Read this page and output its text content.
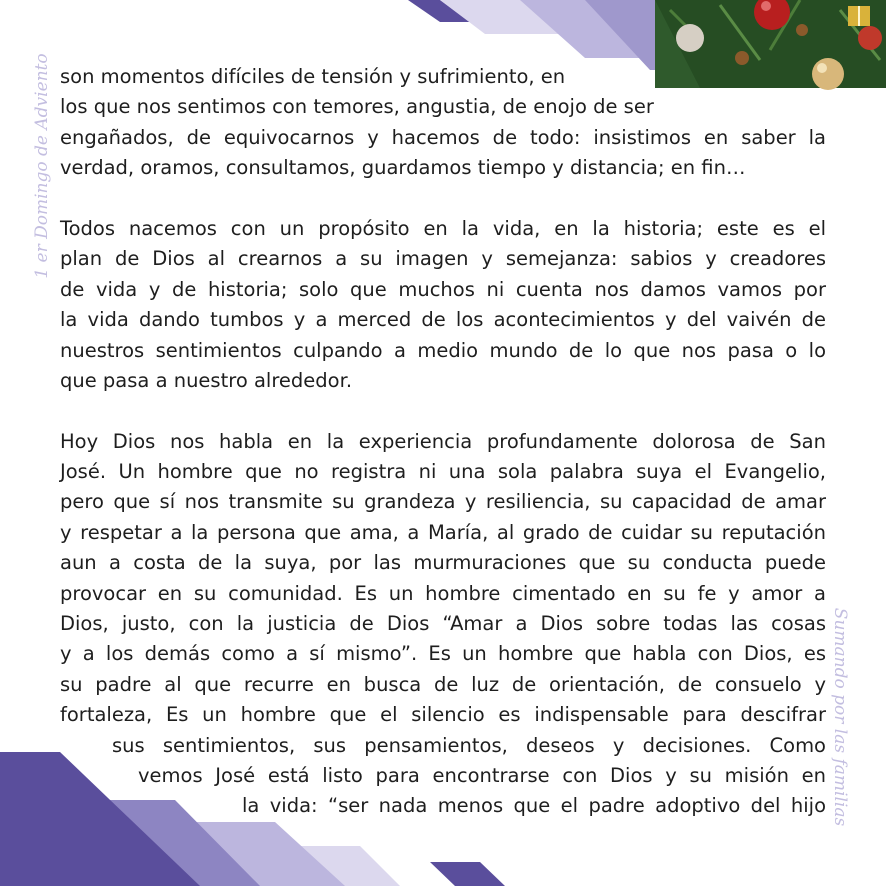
1 er Domingo de Adviento
Sumando por las familias
son momentos difíciles de tensión y sufrimiento, en
los que nos sentimos con temores, angustia, de enojo de ser
engañados, de equivocarnos y hacemos de todo: insistimos en saber la
verdad, oramos, consultamos, guardamos tiempo y distancia; en fin…
Todos nacemos con un propósito en la vida, en la historia; este es el
plan de Dios al crearnos a su imagen y semejanza: sabios y creadores
de vida y de historia; solo que muchos ni cuenta nos damos vamos por
la vida dando tumbos y a merced de los acontecimientos y del vaivén de
nuestros sentimientos culpando a medio mundo de lo que nos pasa o lo
que pasa a nuestro alrededor.
Hoy Dios nos habla en la experiencia profundamente dolorosa de San
José. Un hombre que no registra ni una sola palabra suya el Evangelio,
pero que sí nos transmite su grandeza y resiliencia, su capacidad de amar
y respetar a la persona que ama, a María, al grado de cuidar su reputación
aun a costa de la suya, por las murmuraciones que su conducta puede
provocar en su comunidad. Es un hombre cimentado en su fe y amor a
Dios, justo, con la justicia de Dios “Amar a Dios sobre todas las cosas
y a los demás como a sí mismo”. Es un hombre que habla con Dios, es
su padre al que recurre en busca de luz de orientación, de consuelo y
fortaleza, Es un hombre que el silencio es indispensable para descifrar
sus sentimientos, sus pensamientos, deseos y decisiones. Como
vemos José está listo para encontrarse con Dios y su misión en
la vida: “ser nada menos que el padre adoptivo del hijo
